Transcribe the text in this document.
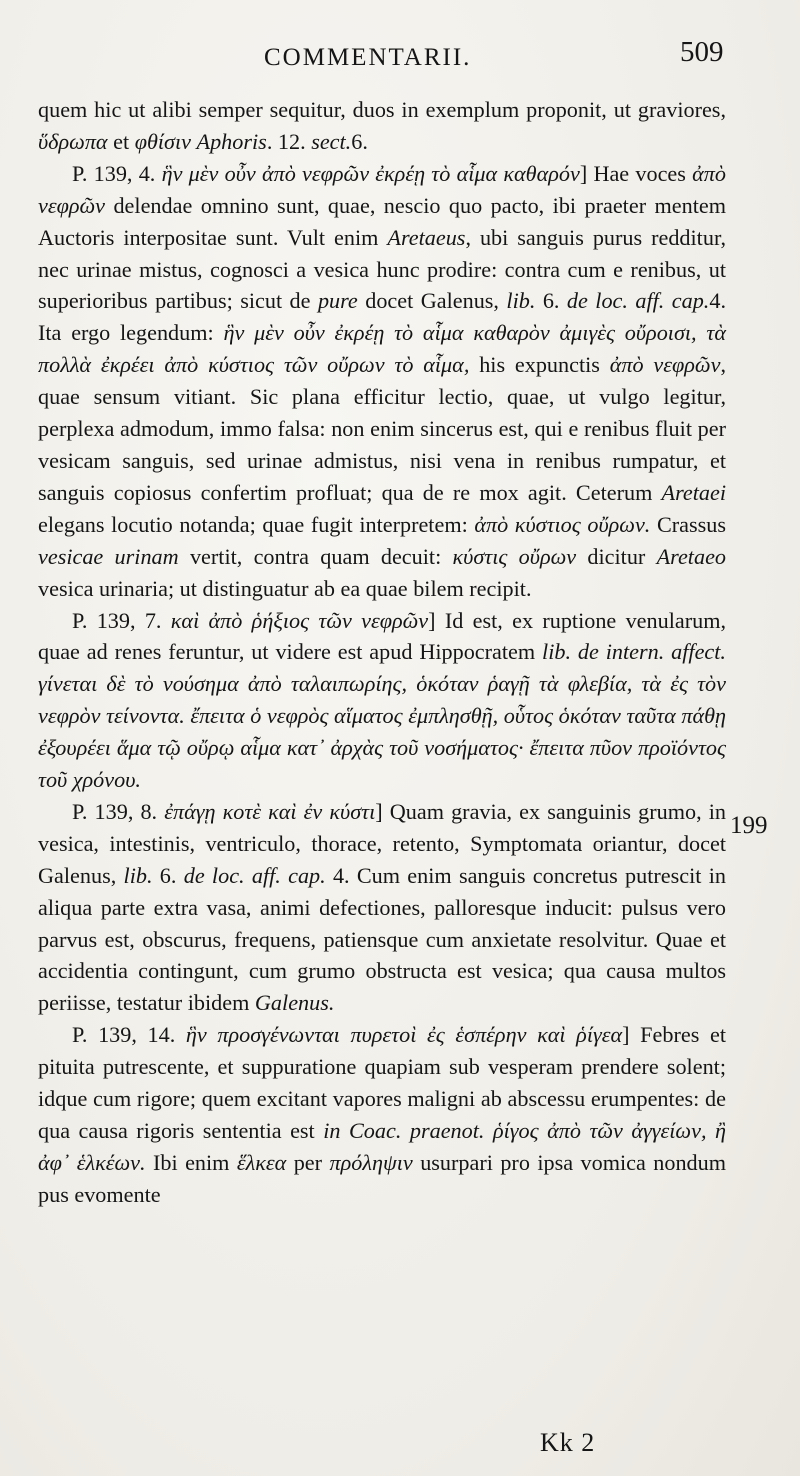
COMMENTARII.	509

quem hic ut alibi semper sequitur, duos in exemplum proponit, ut graviores, ὕδρωπα et φθίσιν Aphoris. 12. sect.6.

P. 139, 4. ἣν μὲν οὖν ἀπὸ νεφρῶν ἐκρέῃ τὸ αἷμα καθαρόν] Hae voces ἀπὸ νεφρῶν delendae omnino sunt, quae, nescio quo pacto, ibi praeter mentem Auctoris interpositae sunt. Vult enim Aretaeus, ubi sanguis purus redditur, nec urinae mistus, cognosci a vesica hunc prodire: contra cum e renibus, ut superioribus partibus; sicut de pure docet Galenus, lib. 6. de loc. aff. cap.4. Ita ergo legendum: ἣν μὲν οὖν ἐκρέῃ τὸ αἷμα καθαρὸν ἀμιγὲς οὔροισι, τὰ πολλὰ ἐκρέει ἀπὸ κύστιος τῶν οὔρων τὸ αἷμα, his expunctis ἀπὸ νεφρῶν, quae sensum vitiant. Sic plana efficitur lectio, quae, ut vulgo legitur, perplexa admodum, immo falsa: non enim sincerus est, qui e renibus fluit per vesicam sanguis, sed urinae admistus, nisi vena in renibus rumpatur, et sanguis copiosus confertim profluat; qua de re mox agit. Ceterum Aretaei elegans locutio notanda; quae fugit interpretem: ἀπὸ κύστιος οὔρων. Crassus vesicae urinam vertit, contra quam decuit: κύστις οὔρων dicitur Aretaeo vesica urinaria; ut distinguatur ab ea quae bilem recipit.

P. 139, 7. καὶ ἀπὸ ῥήξιος τῶν νεφρῶν] Id est, ex ruptione venularum, quae ad renes feruntur, ut videre est apud Hippocratem lib. de intern. affect. γίνεται δὲ τὸ νούσημα ἀπὸ ταλαιπωρίης, ὁκόταν ῥαγῇ τὰ φλεβία, τὰ ἐς τὸν νεφρὸν τείνοντα. ἔπειτα ὁ νεφρὸς αἵματος ἐμπλησθῇ, οὗτος ὁκόταν ταῦτα πάθῃ ἐξουρέει ἅμα τῷ οὔρῳ αἷμα κατ᾽ ἀρχὰς τοῦ νοσήματος· ἔπειτα πῦον προϊόντος τοῦ χρόνου.

P. 139, 8. ἐπάγῃ κοτὲ καὶ ἐν κύστι] Quam gravia, ex sanguinis grumo, in vesica, intestinis, ventriculo, thorace, retento, Symptomata oriantur, docet Galenus, lib. 6. de loc. aff. cap. 4. Cum enim sanguis concretus putrescit in aliqua parte extra vasa, animi defectiones, palloresque inducit: pulsus vero parvus est, obscurus, frequens, patiensque cum anxietate resolvitur. Quae et accidentia contingunt, cum grumo obstructa est vesica; qua causa multos periisse, testatur ibidem Galenus.

P. 139, 14. ἣν προσγένωνται πυρετοὶ ἐς ἑσπέρην καὶ ῥίγεα] Febres et pituita putrescente, et suppuratione quapiam sub vesperam prendere solent; idque cum rigore; quem excitant vapores maligni ab abscessu erumpentes: de qua causa rigoris sententia est in Coac. praenot. ῥίγος ἀπὸ τῶν ἀγγείων, ἢ ἀφ᾽ ἑλκέων. Ibi enim ἕλκεα per πρόληψιν usurpari pro ipsa vomica nondum pus evomente

199
Kk 2
